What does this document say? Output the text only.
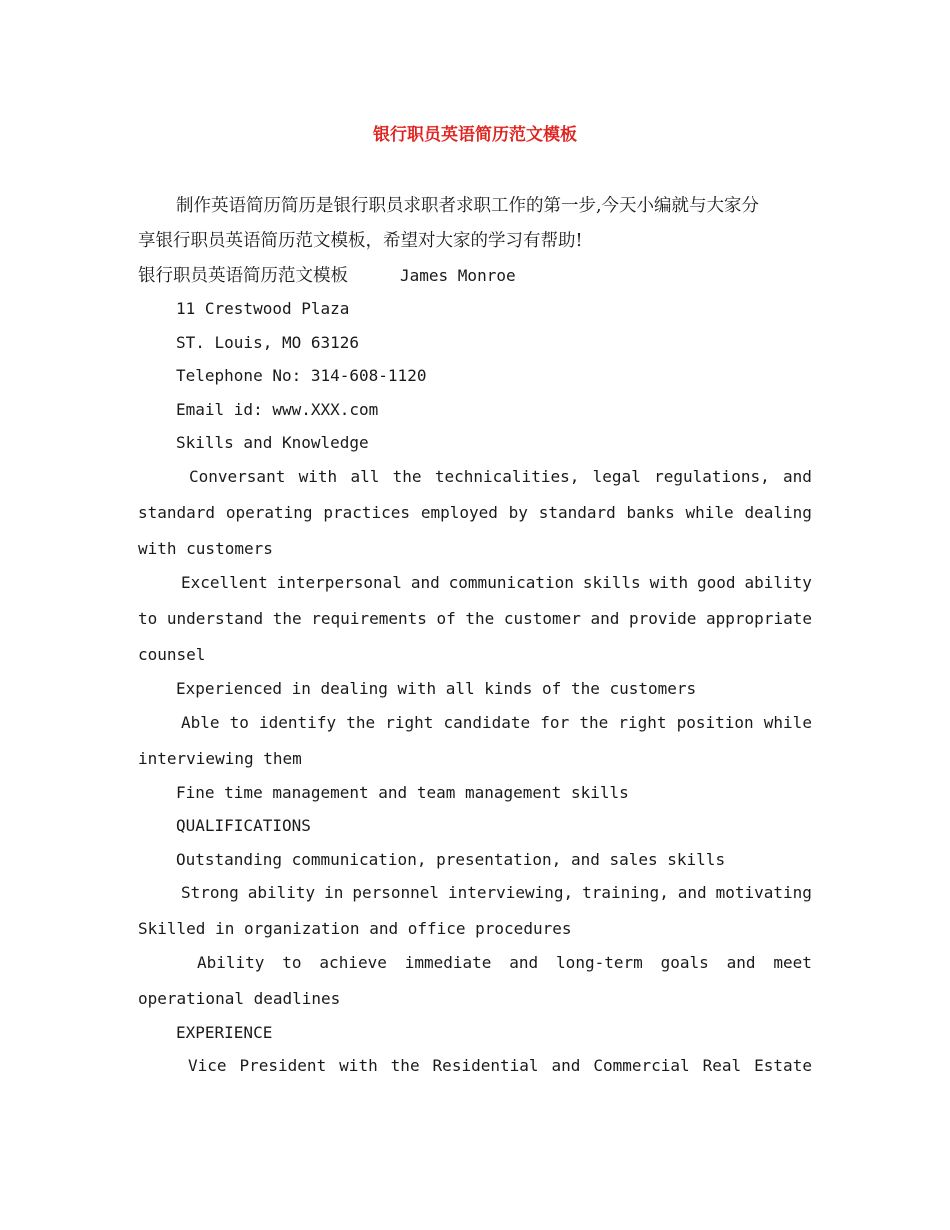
银行职员英语简历范文模板
制作英语简历简历是银行职员求职者求职工作的第一步,今天小编就与大家分
享银行职员英语简历范文模板，希望对大家的学习有帮助!
银行职员英语简历范文模板	James Monroe
11 Crestwood Plaza
ST. Louis, MO 63126
Telephone No: 314-608-1120
Email id: www.XXX.com
Skills and Knowledge
Conversant with all the technicalities, legal regulations, and
standard operating practices employed by standard banks while dealing
with customers
Excellent interpersonal and communication skills with good ability
to understand the requirements of the customer and provide appropriate
counsel
Experienced in dealing with all kinds of the customers
Able to identify the right candidate for the right position while
interviewing them
Fine time management and team management skills
QUALIFICATIONS
Outstanding communication, presentation, and sales skills
Strong ability in personnel interviewing, training, and motivating
Skilled in organization and office procedures
Ability to achieve immediate and long-term goals and meet
operational deadlines
EXPERIENCE
Vice President with the Residential and Commercial Real Estate
